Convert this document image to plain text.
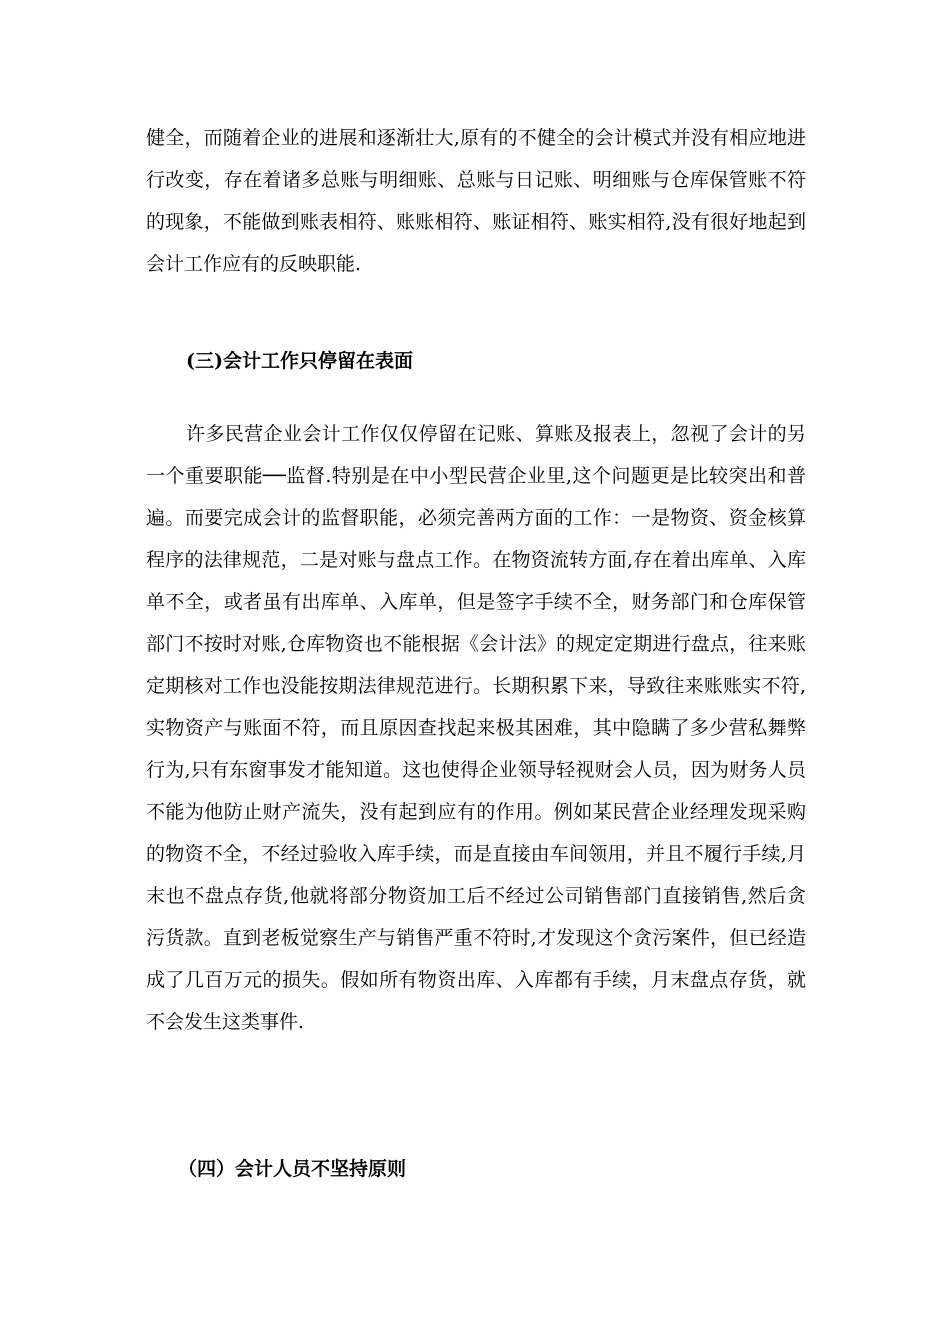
健全，而随着企业的进展和逐渐壮大,原有的不健全的会计模式并没有相应地进
行改变，存在着诸多总账与明细账、总账与日记账、明细账与仓库保管账不符
的现象，不能做到账表相符、账账相符、账证相符、账实相符,没有很好地起到
会计工作应有的反映职能.
(三)会计工作只停留在表面
许多民营企业会计工作仅仅停留在记账、算账及报表上，忽视了会计的另
一个重要职能──监督.特别是在中小型民营企业里,这个问题更是比较突出和普
遍。而要完成会计的监督职能，必须完善两方面的工作：一是物资、资金核算
程序的法律规范，二是对账与盘点工作。在物资流转方面,存在着出库单、入库
单不全，或者虽有出库单、入库单，但是签字手续不全，财务部门和仓库保管
部门不按时对账,仓库物资也不能根据《会计法》的规定定期进行盘点，往来账
定期核对工作也没能按期法律规范进行。长期积累下来，导致往来账账实不符,
实物资产与账面不符，而且原因查找起来极其困难，其中隐瞒了多少营私舞弊
行为,只有东窗事发才能知道。这也使得企业领导轻视财会人员，因为财务人员
不能为他防止财产流失，没有起到应有的作用。例如某民营企业经理发现采购
的物资不全，不经过验收入库手续，而是直接由车间领用，并且不履行手续,月
末也不盘点存货,他就将部分物资加工后不经过公司销售部门直接销售,然后贪
污货款。直到老板觉察生产与销售严重不符时,才发现这个贪污案件，但已经造
成了几百万元的损失。假如所有物资出库、入库都有手续，月末盘点存货，就
不会发生这类事件.
（四）会计人员不坚持原则
